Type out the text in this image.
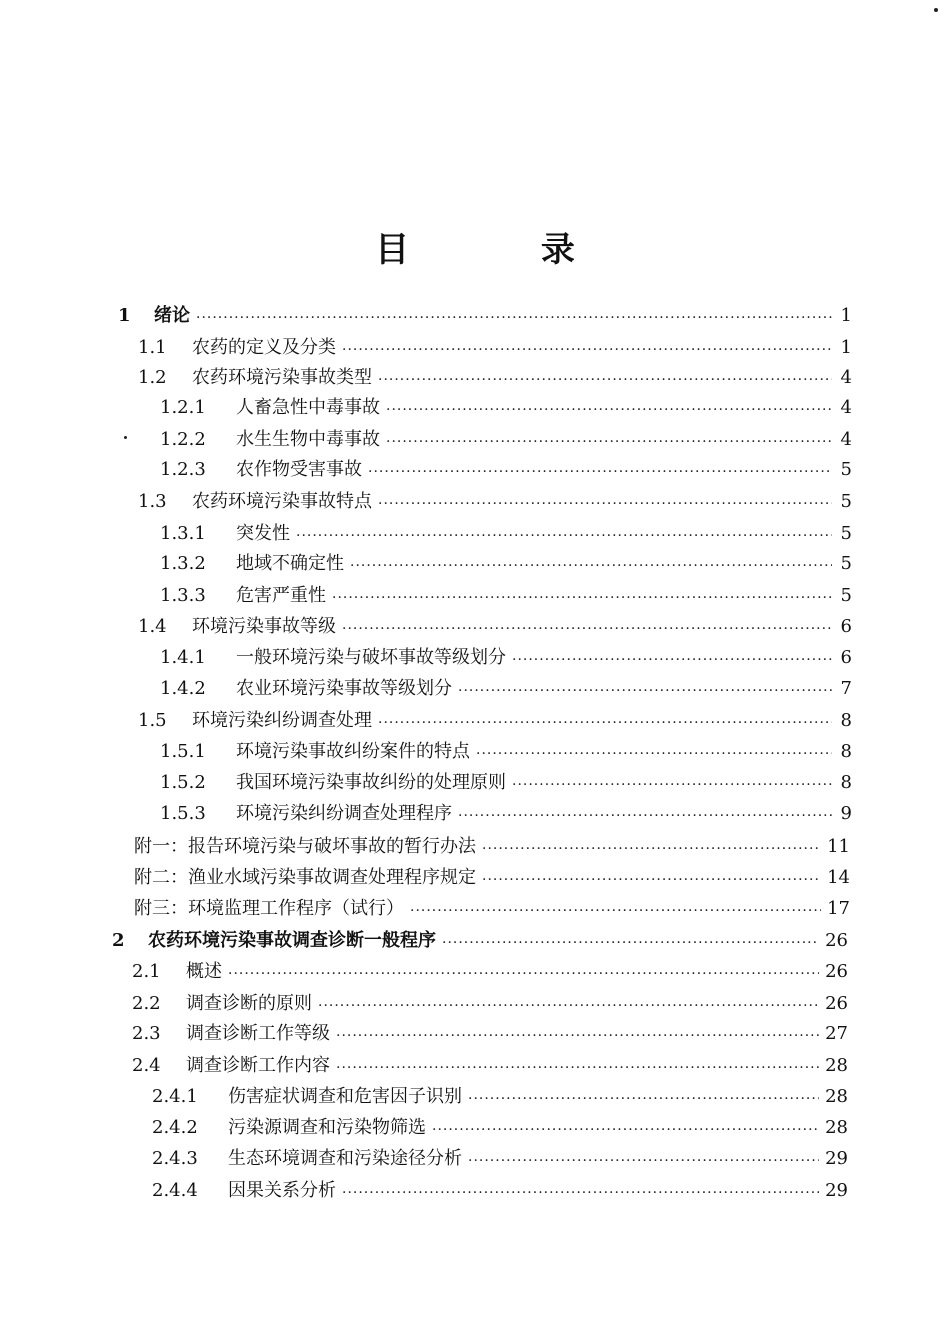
目 录
1	绪论 ·····	1
1.1	农药的定义及分类 ·····	1
1.2	农药环境污染事故类型 ·····	4
1.2.1	人畜急性中毒事故 ·····	4
1.2.2	水生生物中毒事故 ·····	4
1.2.3	农作物受害事故 ·····	5
1.3	农药环境污染事故特点 ·····	5
1.3.1	突发性 ·····	5
1.3.2	地域不确定性 ·····	5
1.3.3	危害严重性 ·····	5
1.4	环境污染事故等级 ·····	6
1.4.1	一般环境污染与破坏事故等级划分 ·····	6
1.4.2	农业环境污染事故等级划分 ·····	7
1.5	环境污染纠纷调查处理 ·····	8
1.5.1	环境污染事故纠纷案件的特点 ·····	8
1.5.2	我国环境污染事故纠纷的处理原则 ·····	8
1.5.3	环境污染纠纷调查处理程序 ·····	9
附一： 报告环境污染与破坏事故的暂行办法 ·····	11
附二： 渔业水域污染事故调查处理程序规定 ·····	14
附三： 环境监理工作程序（试行） ·····	17
2	农药环境污染事故调查诊断一般程序 ·····	26
2.1	概述 ·····	26
2.2	调查诊断的原则 ·····	26
2.3	调查诊断工作等级 ·····	27
2.4	调查诊断工作内容 ·····	28
2.4.1	伤害症状调查和危害因子识别 ·····	28
2.4.2	污染源调查和污染物筛选 ·····	28
2.4.3	生态环境调查和污染途径分析 ·····	29
2.4.4	因果关系分析 ·····	29
